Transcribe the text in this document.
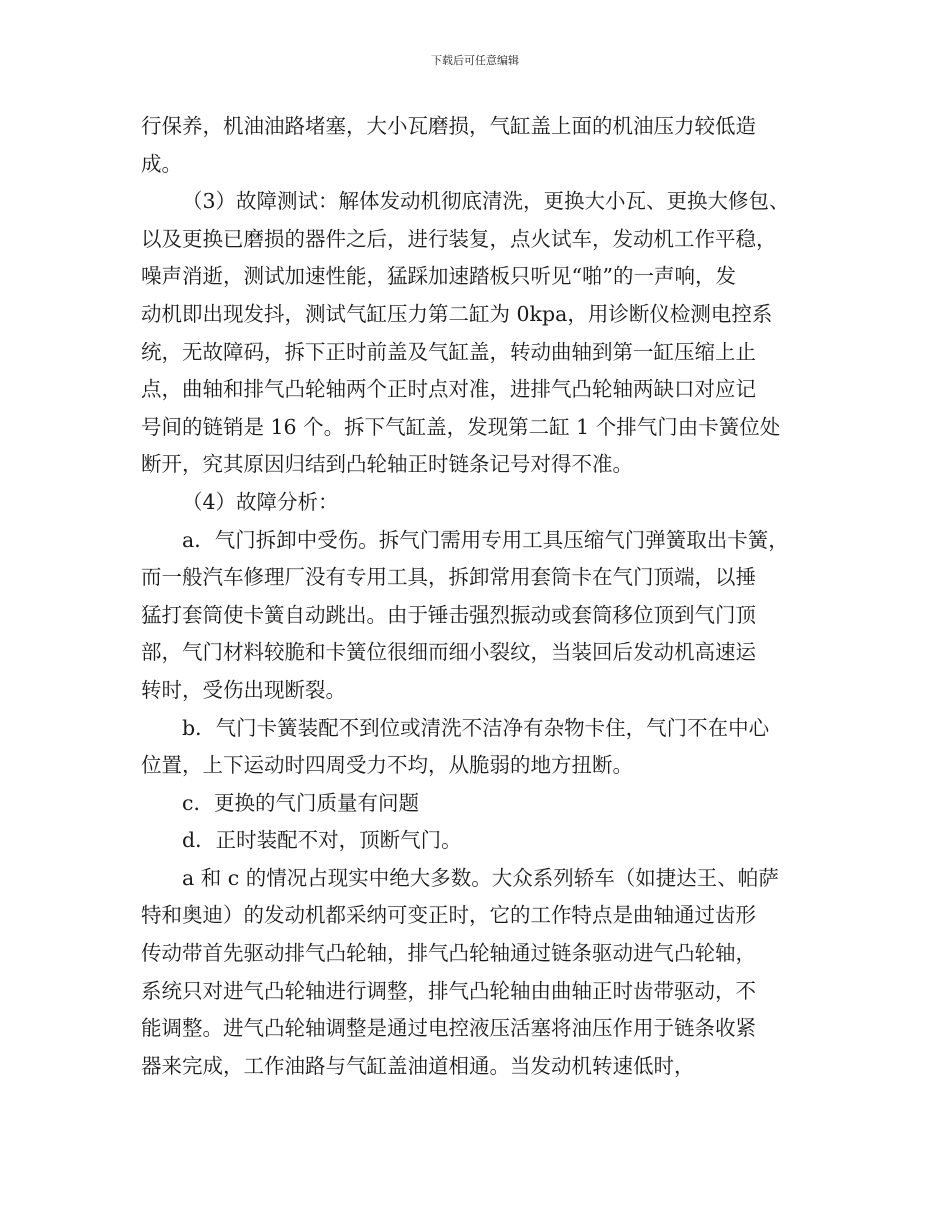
下载后可任意编辑
行保养，机油油路堵塞，大小瓦磨损，气缸盖上面的机油压力较低造
成。
（3）故障测试：解体发动机彻底清洗，更换大小瓦、更换大修包、
以及更换已磨损的器件之后，进行装复，点火试车，发动机工作平稳，
噪声消逝，测试加速性能，猛踩加速踏板只听见“啪”的一声响，发
动机即出现发抖，测试气缸压力第二缸为 0kpa，用诊断仪检测电控系
统，无故障码，拆下正时前盖及气缸盖，转动曲轴到第一缸压缩上止
点，曲轴和排气凸轮轴两个正时点对准，进排气凸轮轴两缺口对应记
号间的链销是 16 个。拆下气缸盖，发现第二缸 1 个排气门由卡簧位处
断开，究其原因归结到凸轮轴正时链条记号对得不准。
（4）故障分析：
a．气门拆卸中受伤。拆气门需用专用工具压缩气门弹簧取出卡簧，
而一般汽车修理厂没有专用工具，拆卸常用套筒卡在气门顶端，以捶
猛打套筒使卡簧自动跳出。由于锤击强烈振动或套筒移位顶到气门顶
部，气门材料较脆和卡簧位很细而细小裂纹，当装回后发动机高速运
转时，受伤出现断裂。
b．气门卡簧装配不到位或清洗不洁净有杂物卡住，气门不在中心
位置，上下运动时四周受力不均，从脆弱的地方扭断。
c．更换的气门质量有问题
d．正时装配不对，顶断气门。
a 和 c 的情况占现实中绝大多数。大众系列轿车（如捷达王、帕萨
特和奥迪）的发动机都采纳可变正时，它的工作特点是曲轴通过齿形
传动带首先驱动排气凸轮轴，排气凸轮轴通过链条驱动进气凸轮轴，
系统只对进气凸轮轴进行调整，排气凸轮轴由曲轴正时齿带驱动，不
能调整。进气凸轮轴调整是通过电控液压活塞将油压作用于链条收紧
器来完成，工作油路与气缸盖油道相通。当发动机转速低时，
